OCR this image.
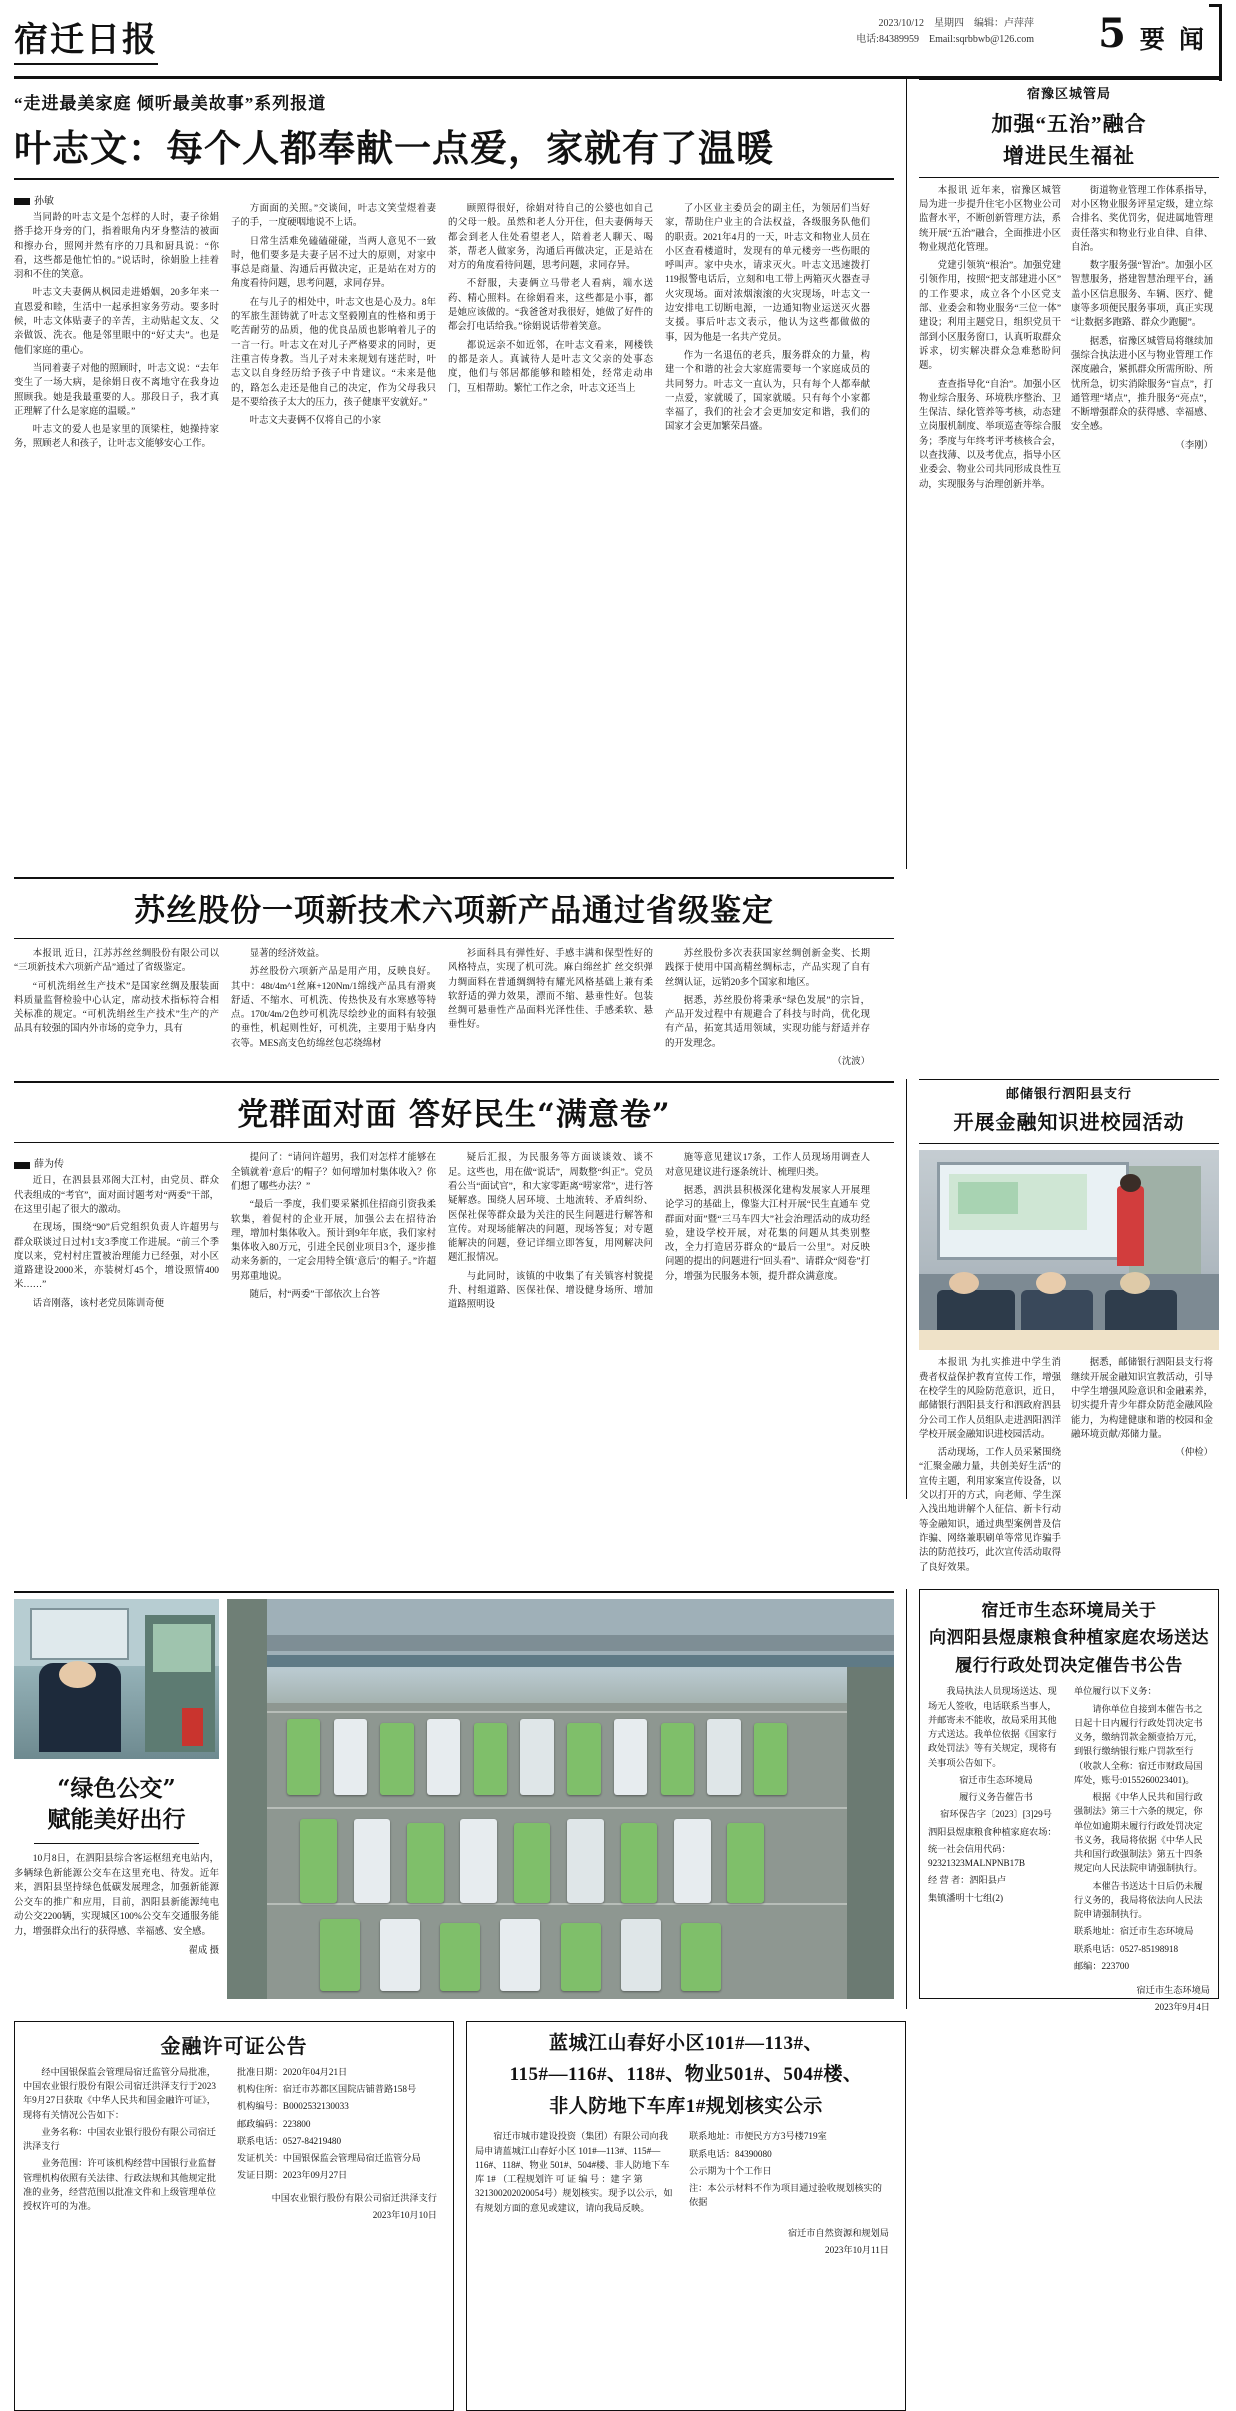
宿迁日报	2023/10/12 星期四 编辑：卢萍萍
电话:84389959 Email:sqrbbwb@126.com 5 要 闻
“走进最美家庭 倾听最美故事”系列报道
叶志文：每个人都奉献一点爱，家就有了温暖
孙敏

当同龄的叶志文是个怎样的人时，妻子徐娟搭手捻开身旁的门，指着眼角内牙身整洁的被面和擦办台，照网并然有序的刀具和厨具说：“你看，这些都是他忙怕的。”说话时，徐娟脸上挂着羽和不住的笑意。

叶志文夫妻俩从枫园走进婚姻，20多年来一直恩爱和睦，生活中一起承担家务劳动。要多时候，叶志文体贴妻子的辛苦，主动贴起文友、父亲做饭、洗衣。他是邻里眼中的“好丈夫”。也是他们家庭的重心。

当同着妻子对他的照顾时，叶志文说：“去年变生了一场大病，是徐娟日夜不离地守在我身边照顾我。她是我最重要的人。那段日子，我才真正理解了什么是家庭的温暖。”

叶志文的爱人也是家里的顶梁柱，她操持家务，照顾老人和孩子，让叶志文能够安心工作。

方面面的关照。”交谈间，叶志文笑莹煜着妻子的手，一度硬咽地说不上话。

日常生活难免磕磕碰碰，当两人意见不一致时，他们要多是夫妻子居不过大的原则，对家中事总是商量、沟通后再做决定，正是站在对方的角度看待问题，思考问题，求同存异。

在与儿子的相处中，叶志文也是心及力。8年的军旅生涯铸就了叶志文坚毅刚直的性格和勇于吃苦耐劳的品质，他的优良品质也影响着儿子的一言一行。叶志文在对儿子严格要求的同时，更注重言传身教。当儿子对未来规划有迷茫时，叶志文以自身经历给予孩子中肯建议。“未来是他的，路怎么走还是他自己的决定，作为父母我只是不要给孩子太大的压力，孩子健康平安就好。”

叶志文夫妻俩不仅将自己的小家

顾照得很好，徐娟对待自己的公婆也如自己的父母一般。虽然和老人分开住，但夫妻俩每天都会到老人住处看望老人，陪着老人聊天、喝茶，帮老人做家务，沟通后再做决定，正是站在对方的角度看待问题，思考问题，求同存异。

不舒服，夫妻俩立马带老人看病，端水送药、精心照料。在徐娟看来，这些都是小事，都是她应该做的。“我爸爸对我很好，她做了好件的都会打电话给我。”徐娟说话带着笑意。

都说远亲不如近邻，在叶志文看来，网楼铁的都是亲人。真诚待人是叶志文父亲的处事态度，他们与邻居都能够和睦相处，经常走动串门，互相帮助。繁忙工作之余，叶志文还当上

了小区业主委员会的副主任，为领居们当好家，帮助住户业主的合法权益，各级服务队他们的职责。2021年4月的一天，叶志文和物业人员在小区查看楼道时，发现有的单元楼旁一些伤眼的呼叫声。家中央水，请求灭火。叶志文迅速拨打119报警电话后，立刻和电工带上两箱灭火器查寻火灾现场。面对浓烟滚滚的火灾现场，叶志文一边安排电工切断电源，一边通知物业运送灭火器支援。事后叶志文表示，他认为这些都做做的事，因为他是一名共产党员。

作为一名退伍的老兵，服务群众的力量，构建一个和谐的社会大家庭需要每一个家庭成员的共同努力。叶志文一直认为，只有每个人都奉献一点爱，家就暖了，国家就暖。只有每个小家都幸福了，我们的社会才会更加安定和谐，我们的国家才会更加繁荣昌盛。

宿豫区城管局
加强“五治”融合
增进民生福祉

本报讯 近年来，宿豫区城管局为进一步提升住宅小区物业公司监督水平，不断创新管理方法，系统开展“五治”融合，全面推进小区物业规范化管理。

党建引领筑“根治”。加强党建引领作用，按照“把支部建进小区”的工作要求，成立各个小区党支部、业委会和物业服务“三位一体”建设；利用主题党日，组织党员干部到小区服务窗口，认真听取群众诉求，切实解决群众急难愁盼问题。

查查指导化“自治”。加强小区物业综合服务、环境秩序整治、卫生保洁、绿化管养等考核，动态建立岗服机制度、举项巡查等综合服务；季度与年终考评考核核合会，以查找薄、以及考优点，指导小区业委会、物业公司共同形成良性互动，实现服务与治理创新并举。

街道物业管理工作体系指导，对小区物业服务评星定级，建立综合排名、奖优罚劣，促进属地管理责任落实和物业行业自律、自律、自治。

数字服务强“智治”。加强小区智慧服务，搭建智慧治理平台，涵盖小区信息服务、车辆、医疗、健康等多项便民服务事项，真正实现“让数据多跑路、群众少跑腿”。

据悉，宿豫区城管局将继续加强综合执法进小区与物业管理工作深度融合，紧抓群众所需所盼、所忧所急，切实消除服务“盲点”，打通管理“堵点”，推升服务“亮点”，不断增强群众的获得感、幸福感、安全感。

（李刚）
苏丝股份一项新技术六项新产品通过省级鉴定

本报讯 近日，江苏苏丝丝绸股份有限公司以“三项新技术六项新产品”通过了省级鉴定。

“可机洗绢丝生产技术”是国家丝绸及服装面料质量监督检验中心认定，席动技术指标符合相关标准的规定。“可机洗绢丝生产技术”生产的产品具有较强的国内外市场的竞争力，具有

显著的经济效益。

苏丝股份六项新产品是用产用，反映良好。其中：48t/4m^1丝麻+120Nm/1绵线产品具有滑爽舒适、不缩水、可机洗、传热快及有水寒感等特点。170t/4m/2色纱可机洗尽绘纱业的面料有较强的垂性，机起则性好，可机洗，主要用于贴身内衣等。MES高支色纺绵丝包芯绕绵材

衫面科具有弹性好、手感丰满和保型性好的风格特点，实现了机可洗。麻白绵丝扩 丝交织弹力绸面料在普通绸绸特有耀光风格基础上兼有柔软舒适的弹力效果，漂而不缩、悬垂性好。包装丝绸可悬垂性产品面料光泽性佳、手感柔软、悬垂性好。

苏丝股份多次表获国家丝绸创新金奖、长期践探于使用中国高精丝绸标志，产品实现了自有丝绸认证，远销20多个国家和地区。

据悉，苏丝股份将秉承“绿色发展”的宗旨，产品开发过程中有规避合了科技与时尚，优化现有产品，拓宽其适用领域，实现功能与舒适并存的开发理念。

（沈波）
党群面对面 答好民生“满意卷”
薛为传

近日，在泗县县邓阁大江村，由党员、群众代表组成的“考官”，面对面讨题考对“两委”干部，在这里引起了很大的激动。

在现场，围绕“90”后党组织负责人许超男与群众联谈过日过村1支3季度工作进展。“前三个季度以来，党村村庄置被治理能力已经强，对小区道路建设2000米，亦装树灯45个，增设照情400米……”

话音刚落，该村老党员陈训奇便

提问了：“请问许超男，我们对怎样才能够在全镇就着‘意后’的帽子？如何增加村集体收入？你们想了哪些办法？”

“最后一季度，我们要采紧抓住招商引资我柔软集，着促村的企业开展，加强公去在招待治理，增加村集体收入。预计到9年年底，我们家村集体收入80万元，引进全民创业项目3个，逐步推动来务新的，一定会用特全镇‘意后’的帽子。”许超男郑重地说。

随后，村“两委”干部依次上台答

疑后汇报，为民服务等方面谈谈效、谈不足。这些也，用在做“说话”，周数整“纠正”。党员看公当“面试官”，和大家零距离“唠家常”，进行答疑解惑。围绕人居环境、土地流转、矛盾纠纷、医保社保等群众最为关注的民生问题进行解答和宣传。对现场能解决的问题，现场答复；对专题能解决的问题，登记详细立即答复，用网解决问题汇报情况。

与此同时，该镇的中收集了有关镇容村貌提升、村组道路、医保社保、增设健身场所、增加道路照明设

施等意见建议17条，工作人员现场用调查人对意见建议进行逐条统计、梳理归类。

据悉，泗洪县积极深化建构发展家人开展理论学习的基础上，像鉴大江村开展“民生直通车 党群面对面”暨“三马车四大”社会治理活动的成功经验，建设学校开展，对花集的问题从其类别整改，全力打造居芬群众的“最后一公里”。对反映问题的提出的问题进行“回头看”、请群众“阅卷”打分，增强为民服务本领，提升群众满意度。

邮储银行泗阳县支行
开展金融知识进校园活动

本报讯 为扎实推进中学生消费者权益保护教育宣传工作，增强在校学生的风险防范意识，近日，邮储银行泗阳县支行和泗政府泗县分公司工作人员组队走进泗阳泗洋学校开展金融知识进校园活动。

活动现场，工作人员采紧围绕“汇聚金融力量，共创美好生活”的宣传主题，利用家案宣传设备，以父以打开的方式，向老师、学生深入浅出地讲解个人征信、新卡行动等金融知识，通过典型案例普及信诈骗、网络兼职刷单等常见诈骗手法的防范技巧，此次宣传活动取得了良好效果。

据悉，邮储银行泗阳县支行将继续开展金融知识宣教活动，引导中学生增强风险意识和金融素养，切实提升青少年群众防范金融风险能力，为构建健康和谐的校园和金融环境贡献/郑储力量。

（仲检）
“绿色公交”
赋能美好出行
10月8日，在泗阳县综合客运枢纽充电站内，多辆绿色新能源公交车在这里充电、待发。近年来，泗阳县坚持绿色低碳发展理念，加强新能源公交车的推广和应用，目前，泗阳县新能源纯电动公交2200辆，实现城区100%公交车交通服务能力，增强群众出行的获得感、幸福感、安全感。
翟成 摄
宿迁市生态环境局关于
向泗阳县煜康粮食种植家庭农场送达
履行行政处罚决定催告书公告

我局执法人员现场送达、现场无人签收，电话联系当事人，并邮寄未不能收，故局采用其他方式送达。我单位依据《国家行政处罚法》等有关规定，现将有关事项公告如下。

宿迁市生态环境局

履行义务告催告书

宿环保告字〔2023〕[3]29号

泗阳县煜康粮食种植家庭农场：

统一社会信用代码：92321323MALNPNB17B

经 营 者：泗阳县卢

集镇潘明十七组(2)

单位履行以下义务：

请你单位自接到本催告书之日起十日内履行行政处罚决定书义务，缴纳罚款金额壹拾万元，到银行缴纳银行账户罚款至行（收款人全称：宿迁市财政局国库处，账号:0155260023401)。

根据《中华人民共和国行政强制法》第三十六条的规定，你单位如逾期未履行行政处罚决定书义务，我局将依据《中华人民共和国行政强制法》第五十四条规定向人民法院申请强制执行。

本催告书送达十日后仍未履行义务的，我局将依法向人民法院申请强制执行。

联系地址：宿迁市生态环境局

联系电话：0527-85198918

邮编：223700

宿迁市生态环境局

2023年9月4日

金融许可证公告

经中国银保监会管理局宿迁监管分局批准，中国农业银行股份有限公司宿迁洪泽支行于2023年9月27日获取《中华人民共和国金融许可证》，现将有关情况公告如下：

业务名称：中国农业银行股份有限公司宿迁洪泽支行

业务范围：许可该机构经营中国银行业监督管理机构依照有关法律、行政法规和其他规定批准的业务，经营范围以批准文件和上级管理单位授权许可的为准。

批准日期：2020年04月21日

机构住所：宿迁市苏都区国院店铺普路158号

机构编号：B0002532130033

邮政编码：223800

联系电话：0527-84219480

发证机关：中国银保监会管理局宿迁监管分局

发证日期：2023年09月27日

中国农业银行股份有限公司宿迁洪泽支行

2023年10月10日

蓝城江山春好小区101#—113#、
115#—116#、118#、物业501#、504#楼、
非人防地下车库1#规划核实公示

宿迁市城市建设投资（集团）有限公司向我局申请蓝城江山春好小区 101#—113#、115#—116#、118#、物业 501#、504#楼、非人防地下车库 1# （工程规划许 可 证 编 号 ：建 字 第321300202020054号）规划核实。现予以公示，如有规划方面的意见或建议，请向我局反映。

联系地址：市便民方方3号楼719室

联系电话：84390080

公示期为十个工作日

注：本公示材料不作为项目通过验收规划核实的依据

宿迁市自然资源和规划局

2023年10月11日
